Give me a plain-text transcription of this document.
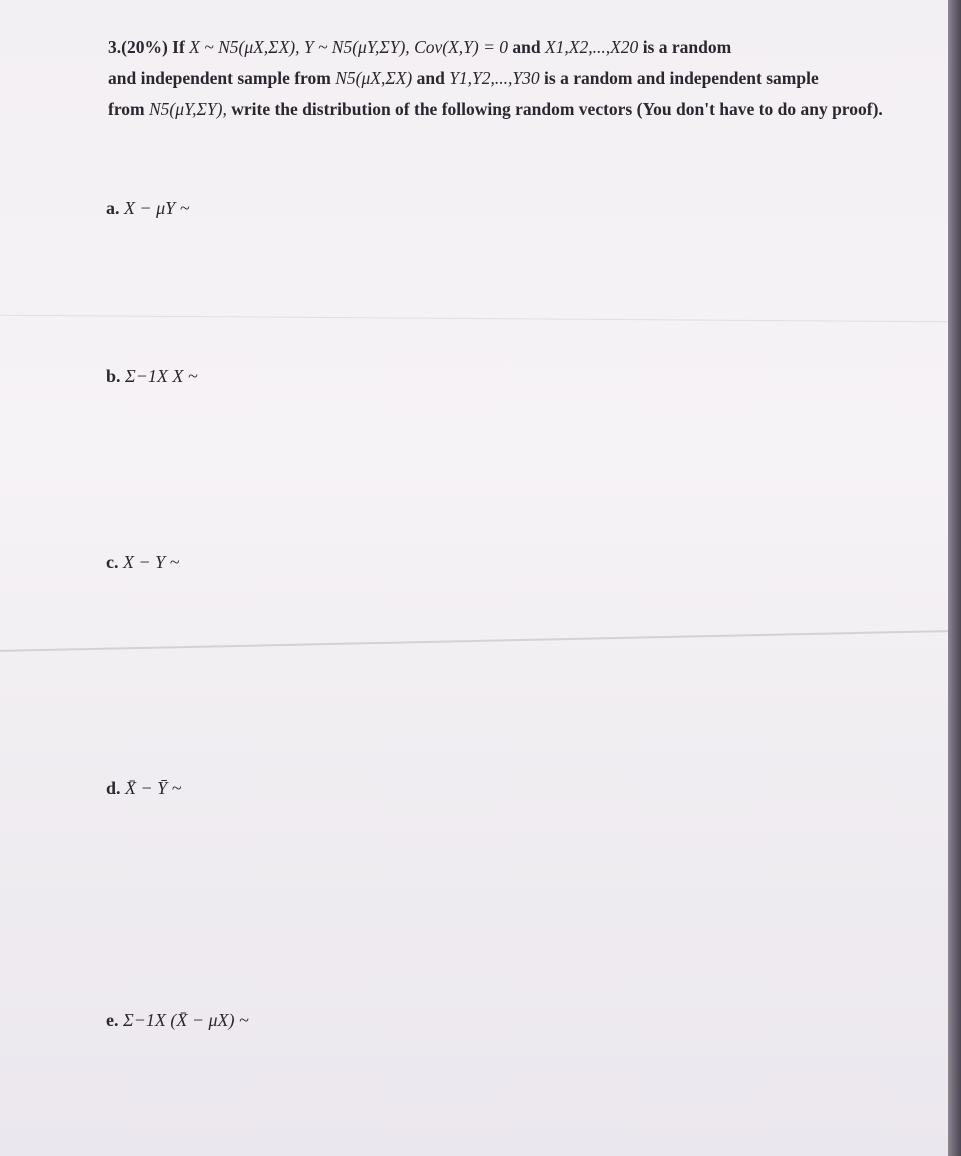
3.(20%) If X ~ N5(μX,ΣX), Y ~ N5(μY,ΣY), Cov(X,Y) = 0 and X1,X2,...,X20 is a random
and independent sample from N5(μX,ΣX) and Y1,Y2,...,Y30 is a random and independent sample
from N5(μY,ΣY), write the distribution of the following random vectors (You don't have to do any proof).
a. X − μY ~
b. Σ−1X X ~
c. X − Y ~
d. X̄ − Ȳ ~
e. Σ−1X (X̄ − μX) ~
